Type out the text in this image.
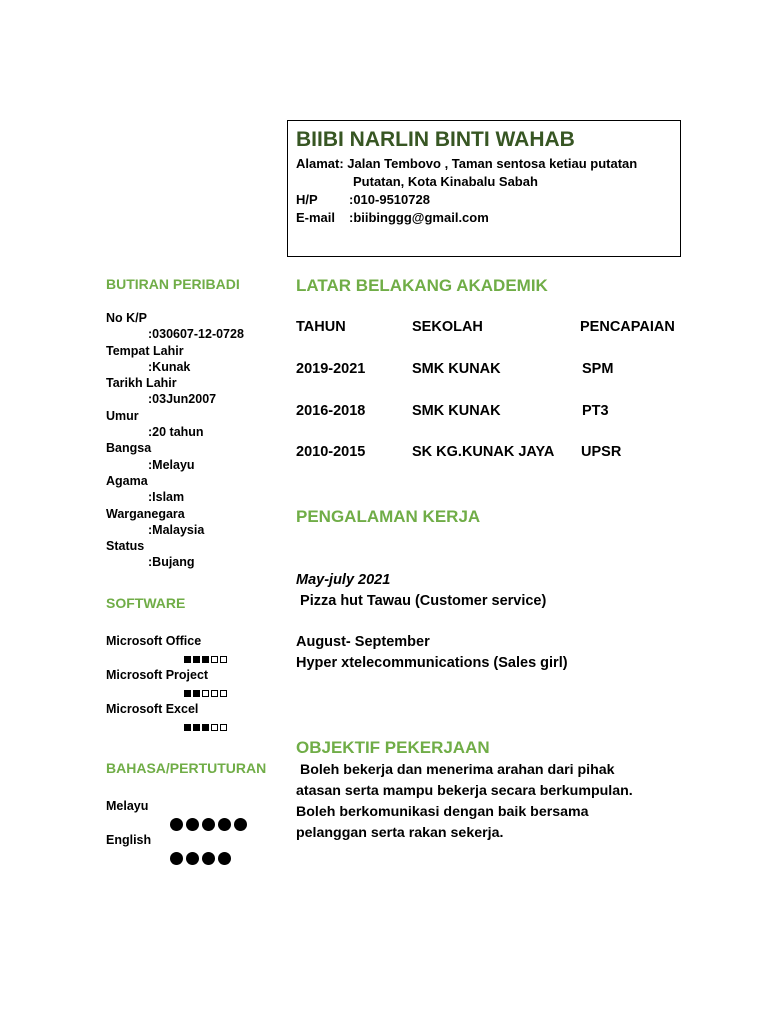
BIIBI NARLIN BINTI WAHAB
Alamat: Jalan Tembovo , Taman sentosa ketiau putatan
Putatan, Kota Kinabalu Sabah
H/P :010-9510728
E-mail :biibinggg@gmail.com
BUTIRAN PERIBADI
No K/P
:030607-12-0728
Tempat Lahir
:Kunak
Tarikh Lahir
:03Jun2007
Umur
:20 tahun
Bangsa
:Melayu
Agama
:Islam
Warganegara
:Malaysia
Status
:Bujang
SOFTWARE
Microsoft Office
Microsoft Project
Microsoft Excel
BAHASA/PERTUTURAN
Melayu
English
LATAR BELAKANG AKADEMIK
TAHUN	SEKOLAH	PENCAPAIAN
2019-2021	SMK KUNAK	SPM
2016-2018	SMK KUNAK	PT3
2010-2015	SK KG.KUNAK JAYA UPSR
PENGALAMAN KERJA
May-july 2021
Pizza hut Tawau (Customer service)
August- September
Hyper xtelecommunications (Sales girl)
OBJEKTIF PEKERJAAN
Boleh bekerja dan menerima arahan dari pihak
atasan serta mampu bekerja secara berkumpulan.
Boleh berkomunikasi dengan baik bersama
pelanggan serta rakan sekerja.
